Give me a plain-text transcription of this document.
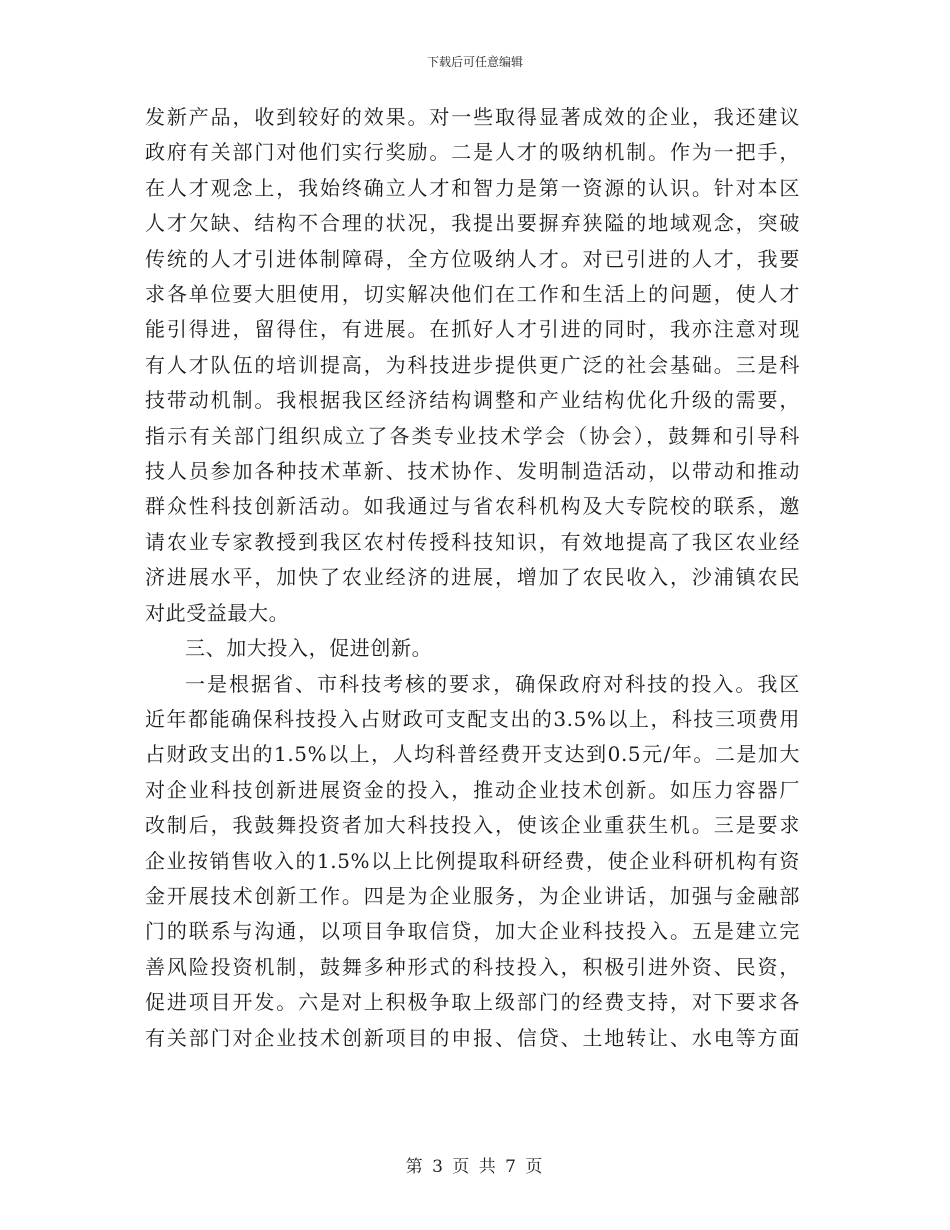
下载后可任意编辑

发新产品，收到较好的效果。对一些取得显著成效的企业，我还建议
政府有关部门对他们实行奖励。二是人才的吸纳机制。作为一把手，
在人才观念上，我始终确立人才和智力是第一资源的认识。针对本区
人才欠缺、结构不合理的状况，我提出要摒弃狭隘的地域观念，突破
传统的人才引进体制障碍，全方位吸纳人才。对已引进的人才，我要
求各单位要大胆使用，切实解决他们在工作和生活上的问题，使人才
能引得进，留得住，有进展。在抓好人才引进的同时，我亦注意对现
有人才队伍的培训提高，为科技进步提供更广泛的社会基础。三是科
技带动机制。我根据我区经济结构调整和产业结构优化升级的需要，
指示有关部门组织成立了各类专业技术学会（协会），鼓舞和引导科
技人员参加各种技术革新、技术协作、发明制造活动，以带动和推动
群众性科技创新活动。如我通过与省农科机构及大专院校的联系，邀
请农业专家教授到我区农村传授科技知识，有效地提高了我区农业经
济进展水平，加快了农业经济的进展，增加了农民收入，沙浦镇农民
对此受益最大。

三、加大投入，促进创新。

一是根据省、市科技考核的要求，确保政府对科技的投入。我区
近年都能确保科技投入占财政可支配支出的3.5%以上，科技三项费用
占财政支出的1.5%以上，人均科普经费开支达到0.5元/年。二是加大
对企业科技创新进展资金的投入，推动企业技术创新。如压力容器厂
改制后，我鼓舞投资者加大科技投入，使该企业重获生机。三是要求
企业按销售收入的1.5%以上比例提取科研经费，使企业科研机构有资
金开展技术创新工作。四是为企业服务，为企业讲话，加强与金融部
门的联系与沟通，以项目争取信贷，加大企业科技投入。五是建立完
善风险投资机制，鼓舞多种形式的科技投入，积极引进外资、民资，
促进项目开发。六是对上积极争取上级部门的经费支持，对下要求各
有关部门对企业技术创新项目的申报、信贷、土地转让、水电等方面

第 3 页 共 7 页
